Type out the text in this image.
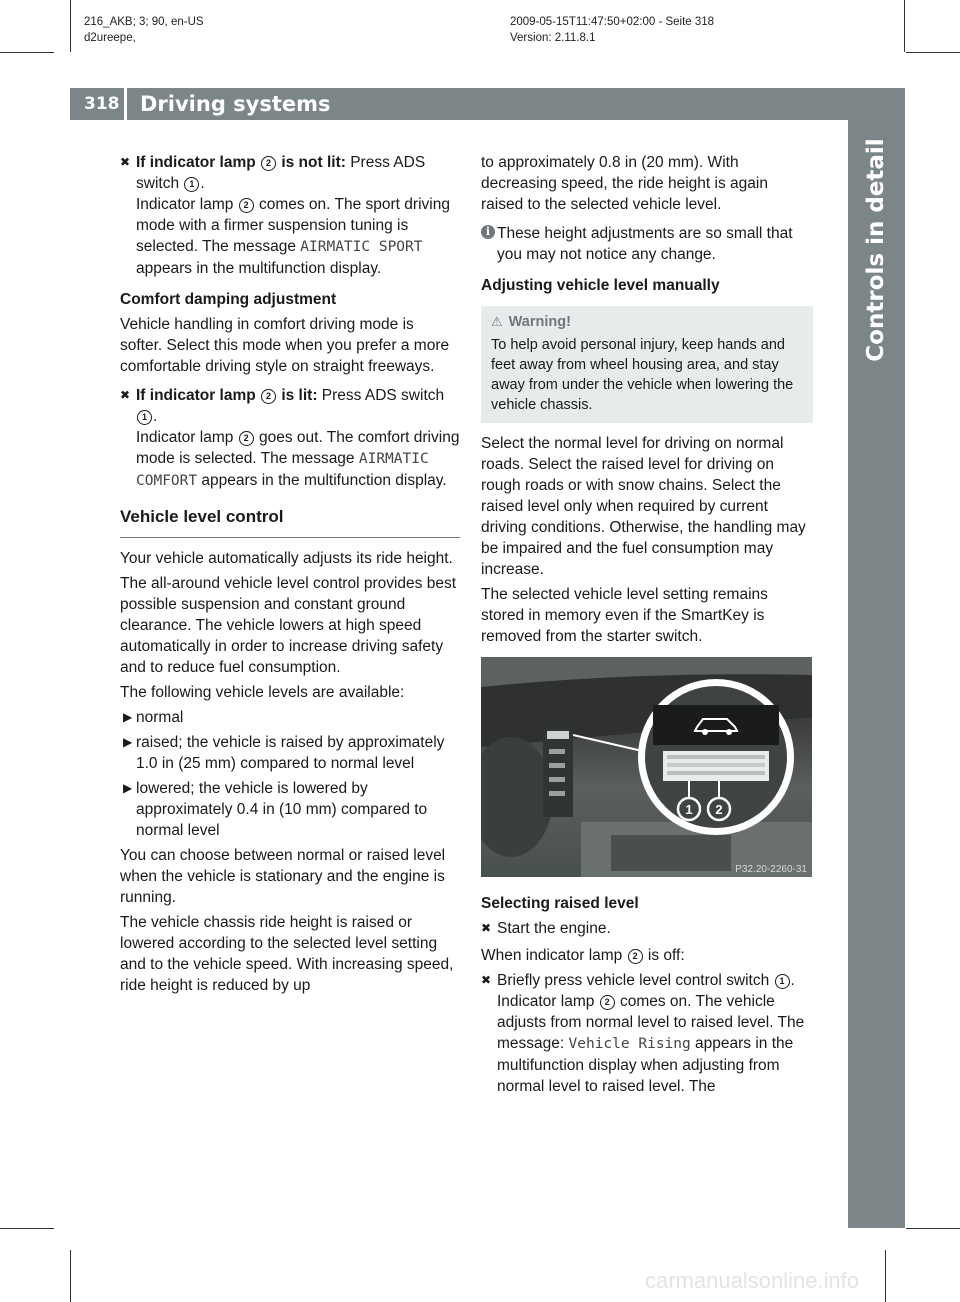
216_AKB; 3; 90, en-US
d2ureepe,
2009-05-15T11:47:50+02:00 - Seite 318
Version: 2.11.8.1
318 Driving systems
Controls in detail
✖ If indicator lamp 2 is not lit: Press ADS switch 1 .

Indicator lamp 2 comes on. The sport driving mode with a firmer suspension tuning is selected. The message AIRMATIC SPORT appears in the multifunction display.

Comfort damping adjustment

Vehicle handling in comfort driving mode is softer. Select this mode when you prefer a more comfortable driving style on straight freeways.

✖ If indicator lamp 2 is lit: Press ADS switch 1 .

Indicator lamp 2 goes out. The comfort driving mode is selected. The message AIRMATIC COMFORT appears in the multifunction display.

Vehicle level control

Your vehicle automatically adjusts its ride height.

The all-around vehicle level control provides best possible suspension and constant ground clearance. The vehicle lowers at high speed automatically in order to increase driving safety and to reduce fuel consumption.

The following vehicle levels are available:

▶ normal
▶ raised; the vehicle is raised by approximately 1.0 in (25 mm) compared to normal level
▶ lowered; the vehicle is lowered by approximately 0.4 in (10 mm) compared to normal level

You can choose between normal or raised level when the vehicle is stationary and the engine is running.

The vehicle chassis ride height is raised or lowered according to the selected level setting and to the vehicle speed. With increasing speed, ride height is reduced by up

to approximately 0.8 in (20 mm). With decreasing speed, the ride height is again raised to the selected vehicle level.

i These height adjustments are so small that you may not notice any change.
Adjusting vehicle level manually
⚠ Warning!
To help avoid personal injury, keep hands and feet away from wheel housing area, and stay away from under the vehicle when lowering the vehicle chassis.

Select the normal level for driving on normal roads. Select the raised level for driving on rough roads or with snow chains. Select the raised level only when required by current driving conditions. Otherwise, the handling may be impaired and the fuel consumption may increase.

The selected vehicle level setting remains stored in memory even if the SmartKey is removed from the starter switch.

1 2
P32.20-2260-31
Selecting raised level
✖ Start the engine.

When indicator lamp 2 is off:

✖ Briefly press vehicle level control switch 1 .

Indicator lamp 2 comes on. The vehicle adjusts from normal level to raised level. The message: Vehicle Rising appears in the multifunction display when adjusting from normal level to raised level. The

carmanualsonline.info
